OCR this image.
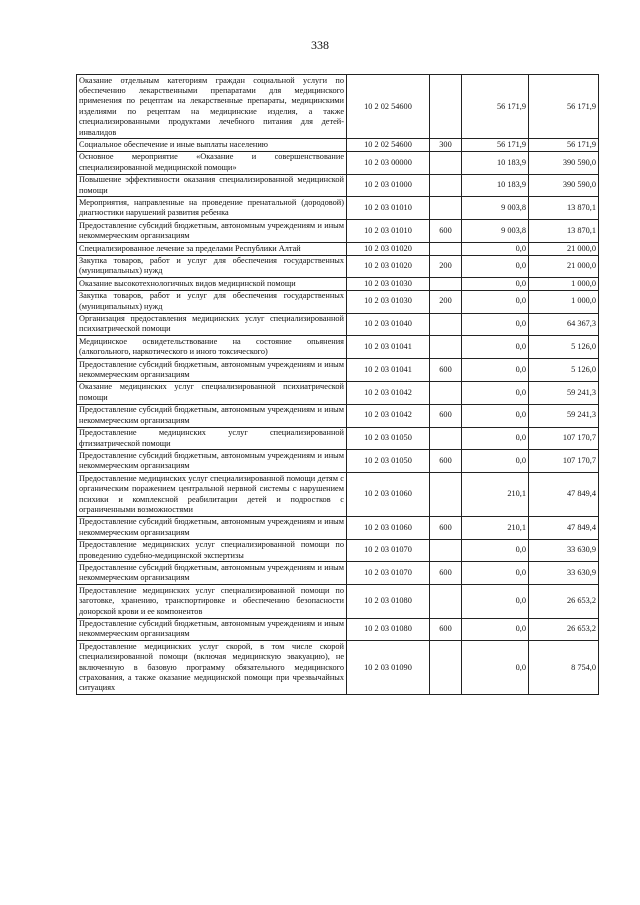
338
Оказание отдельным категориям граждан социальной услуги по обеспечению лекарственными препаратами для медицинского применения по рецептам на лекарственные препараты, медицинскими изделиями по рецептам на медицинские изделия, а также специализированными продуктами лечебного питания для детей-инвалидов	10 2 02 54600		56 171,9	56 171,9
Социальное обеспечение и иные выплаты населению	10 2 02 54600	300	56 171,9	56 171,9
Основное мероприятие «Оказание и совершенствование специализированной медицинской помощи»	10 2 03 00000		10 183,9	390 590,0
Повышение эффективности оказания специализированной медицинской помощи	10 2 03 01000		10 183,9	390 590,0
Мероприятия, направленные на проведение пренатальной (дородовой) диагностики нарушений развития ребенка	10 2 03 01010		9 003,8	13 870,1
Предоставление субсидий бюджетным, автономным учреждениям и иным некоммерческим организациям	10 2 03 01010	600	9 003,8	13 870,1
Специализированное лечение за пределами Республики Алтай	10 2 03 01020		0,0	21 000,0
Закупка товаров, работ и услуг для обеспечения государственных (муниципальных) нужд	10 2 03 01020	200	0,0	21 000,0
Оказание высокотехнологичных видов медицинской помощи	10 2 03 01030		0,0	1 000,0
Закупка товаров, работ и услуг для обеспечения государственных (муниципальных) нужд	10 2 03 01030	200	0,0	1 000,0
Организация предоставления медицинских услуг специализированной психиатрической помощи	10 2 03 01040		0,0	64 367,3
Медицинское освидетельствование на состояние опьянения (алкогольного, наркотического и иного токсического)	10 2 03 01041		0,0	5 126,0
Предоставление субсидий бюджетным, автономным учреждениям и иным некоммерческим организациям	10 2 03 01041	600	0,0	5 126,0
Оказание медицинских услуг специализированной психиатрической помощи	10 2 03 01042		0,0	59 241,3
Предоставление субсидий бюджетным, автономным учреждениям и иным некоммерческим организациям	10 2 03 01042	600	0,0	59 241,3
Предоставление медицинских услуг специализированной фтизиатрической помощи	10 2 03 01050		0,0	107 170,7
Предоставление субсидий бюджетным, автономным учреждениям и иным некоммерческим организациям	10 2 03 01050	600	0,0	107 170,7
Предоставление медицинских услуг специализированной помощи детям с органическим поражением центральной нервной системы с нарушением психики и комплексной реабилитации детей и подростков с ограниченными возможностями	10 2 03 01060		210,1	47 849,4
Предоставление субсидий бюджетным, автономным учреждениям и иным некоммерческим организациям	10 2 03 01060	600	210,1	47 849,4
Предоставление медицинских услуг специализированной помощи по проведению судебно-медицинской экспертизы	10 2 03 01070		0,0	33 630,9
Предоставление субсидий бюджетным, автономным учреждениям и иным некоммерческим организациям	10 2 03 01070	600	0,0	33 630,9
Предоставление медицинских услуг специализированной помощи по заготовке, хранению, транспортировке и обеспечению безопасности донорской крови и ее компонентов	10 2 03 01080		0,0	26 653,2
Предоставление субсидий бюджетным, автономным учреждениям и иным некоммерческим организациям	10 2 03 01080	600	0,0	26 653,2
Предоставление медицинских услуг скорой, в том числе скорой специализированной помощи (включая медицинскую эвакуацию), не включенную в базовую программу обязательного медицинского страхования, а также оказание медицинской помощи при чрезвычайных ситуациях	10 2 03 01090		0,0	8 754,0
